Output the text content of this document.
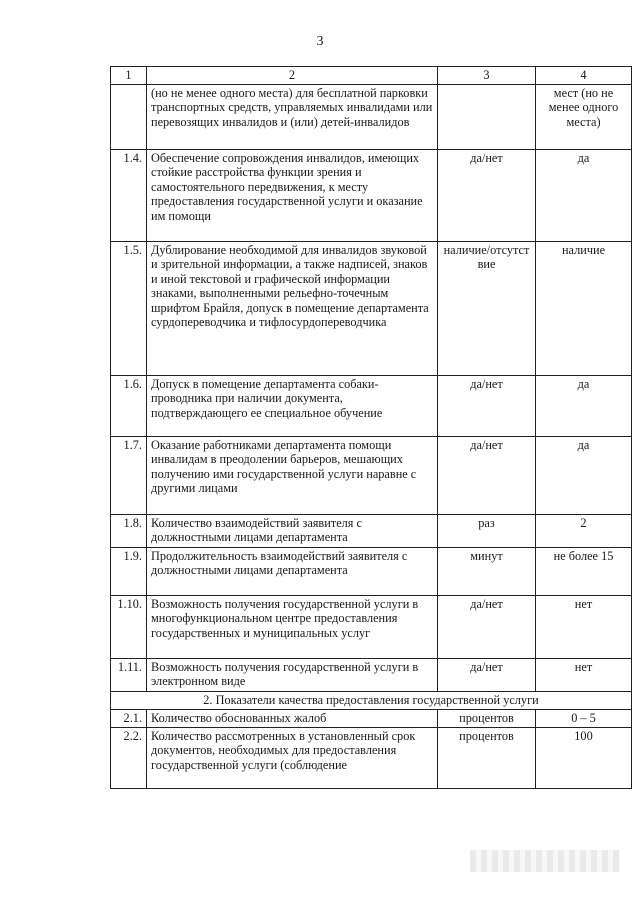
3
1	2	3	4
	(но не менее одного места) для бесплатной парковки транспортных средств, управляемых инвалидами или перевозящих инвалидов и (или) детей-инвалидов		мест (но не менее одного места)
1.4.	Обеспечение сопровождения инвалидов, имеющих стойкие расстройства функции зрения и самостоятельного передвижения, к месту предоставления государственной услуги и оказание им помощи	да/нет	да
1.5.	Дублирование необходимой для инвалидов звуковой и зрительной информации, а также надписей, знаков и иной текстовой и графической информации знаками, выполненными рельефно-точечным шрифтом Брайля, допуск в помещение департамента сурдопереводчика и тифлосурдопереводчика	наличие/отсутствие	наличие
1.6.	Допуск в помещение департамента собаки-проводника при наличии документа, подтверждающего ее специальное обучение	да/нет	да
1.7.	Оказание работниками департамента помощи инвалидам в преодолении барьеров, мешающих получению ими государственной услуги наравне с другими лицами	да/нет	да
1.8.	Количество взаимодействий заявителя с должностными лицами департамента	раз	2
1.9.	Продолжительность взаимодействий заявителя с должностными лицами департамента	минут	не более 15
1.10.	Возможность получения государственной услуги в многофункциональном центре предоставления государственных и муниципальных услуг	да/нет	нет
1.11.	Возможность получения государственной услуги в электронном виде	да/нет	нет
2. Показатели качества предоставления государственной услуги			
2.1.	Количество обоснованных жалоб	процентов	0 – 5
2.2.	Количество рассмотренных в установленный срок документов, необходимых для предоставления государственной услуги (соблюдение	процентов	100
